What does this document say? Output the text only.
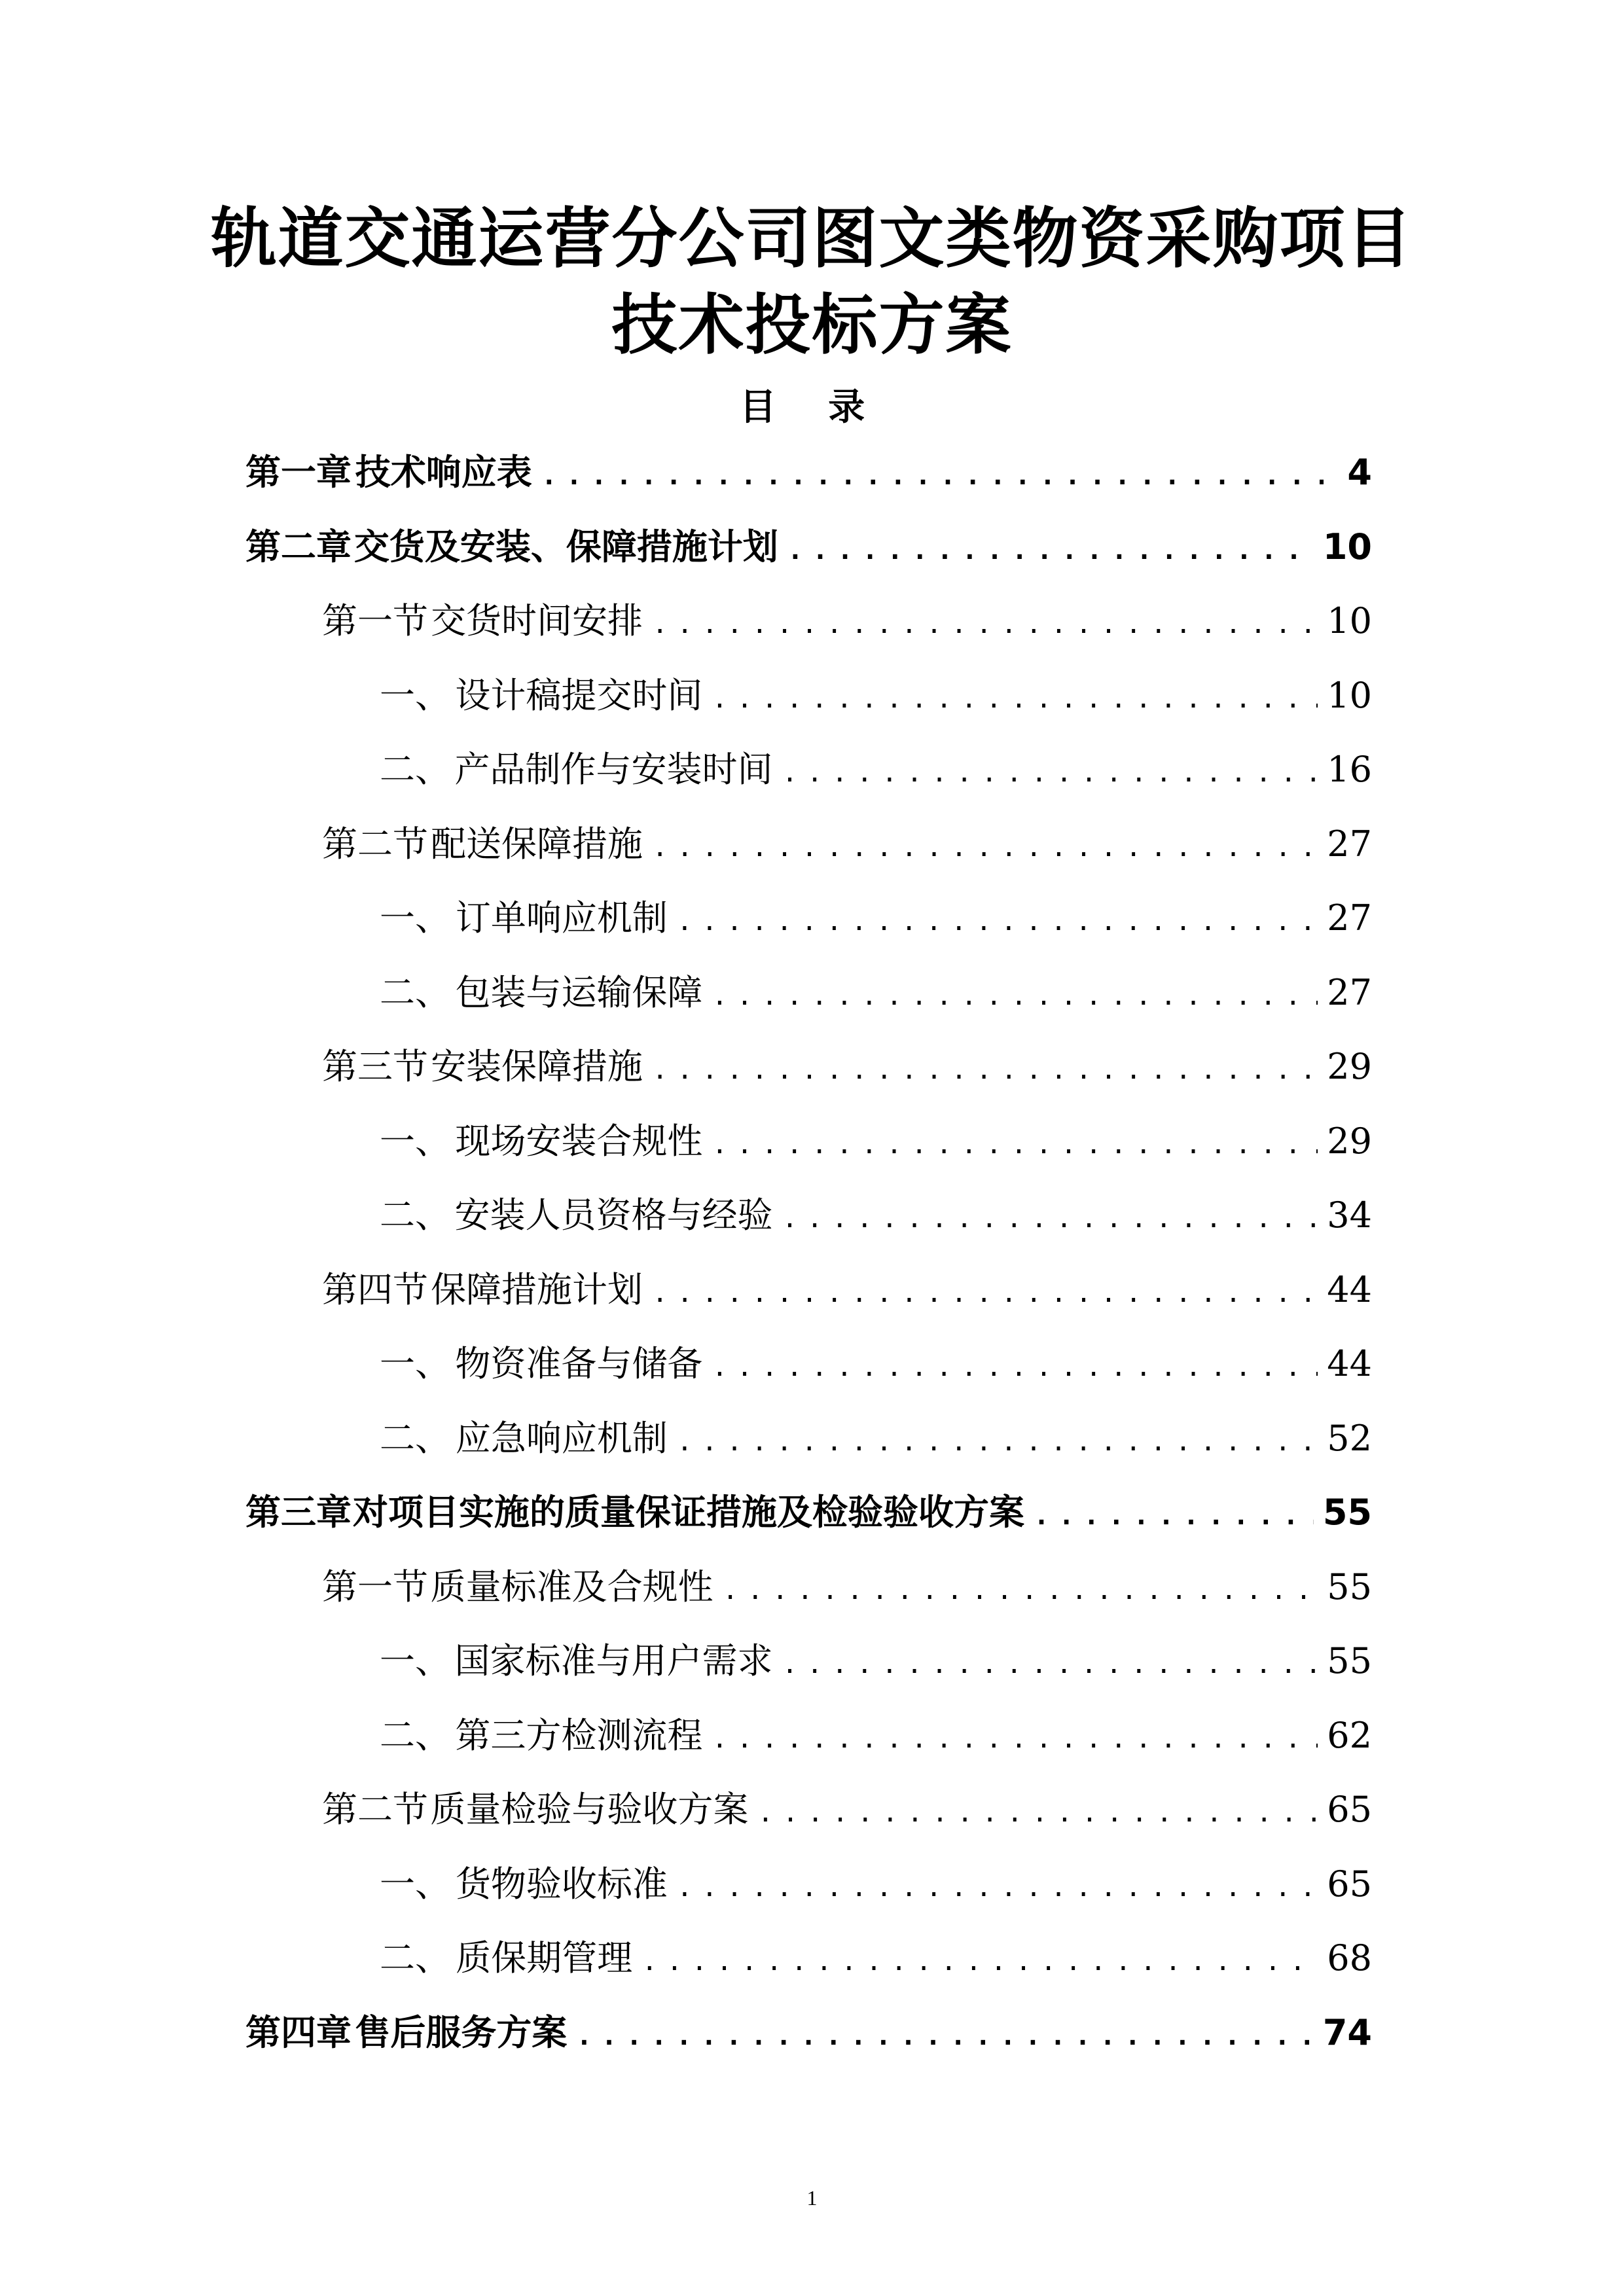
轨道交通运营分公司图文类物资采购项目
技术投标方案
目 录
第一章 技术响应表 .....	4
第二章 交货及安装、保障措施计划 .....	10
第一节 交货时间安排 .....	10
一、 设计稿提交时间 .....	10
二、 产品制作与安装时间 .....	16
第二节 配送保障措施 .....	27
一、 订单响应机制 .....	27
二、 包装与运输保障 .....	27
第三节 安装保障措施 .....	29
一、 现场安装合规性 .....	29
二、 安装人员资格与经验 .....	34
第四节 保障措施计划 .....	44
一、 物资准备与储备 .....	44
二、 应急响应机制 .....	52
第三章 对项目实施的质量保证措施及检验验收方案 .....	55
第一节 质量标准及合规性 .....	55
一、 国家标准与用户需求 .....	55
二、 第三方检测流程 .....	62
第二节 质量检验与验收方案 .....	65
一、 货物验收标准 .....	65
二、 质保期管理 .....	68
第四章 售后服务方案 .....	74
1
